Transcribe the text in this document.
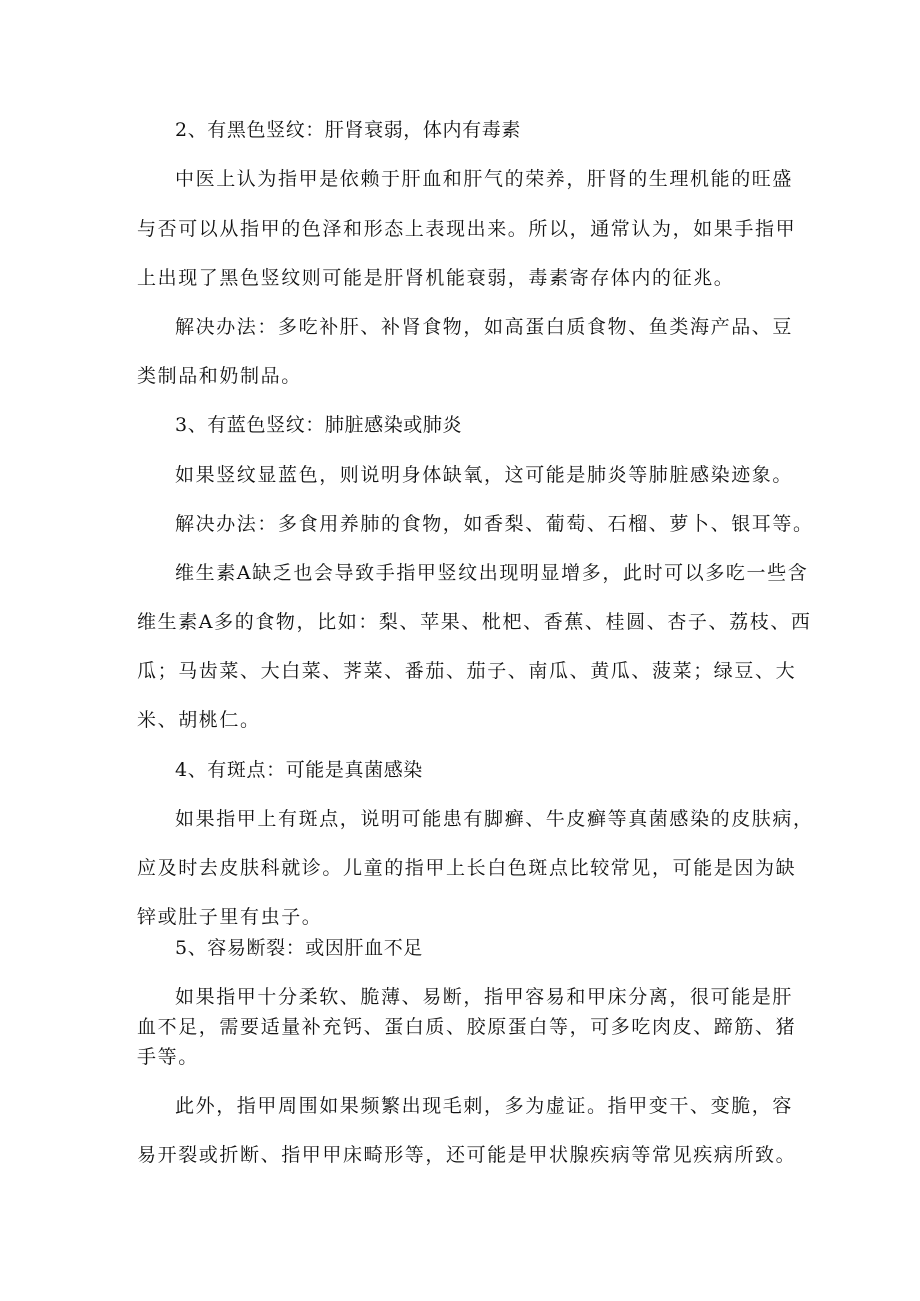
2、有黑色竖纹：肝肾衰弱，体内有毒素
中医上认为指甲是依赖于肝血和肝气的荣养，肝肾的生理机能的旺盛
与否可以从指甲的色泽和形态上表现出来。所以，通常认为，如果手指甲
上出现了黑色竖纹则可能是肝肾机能衰弱，毒素寄存体内的征兆。
解决办法：多吃补肝、补肾食物，如高蛋白质食物、鱼类海产品、豆
类制品和奶制品。
3、有蓝色竖纹：肺脏感染或肺炎
如果竖纹显蓝色，则说明身体缺氧，这可能是肺炎等肺脏感染迹象。
解决办法：多食用养肺的食物，如香梨、葡萄、石榴、萝卜、银耳等。
维生素A缺乏也会导致手指甲竖纹出现明显增多，此时可以多吃一些含
维生素A多的食物，比如：梨、苹果、枇杷、香蕉、桂圆、杏子、荔枝、西
瓜；马齿菜、大白菜、荠菜、番茄、茄子、南瓜、黄瓜、菠菜；绿豆、大
米、胡桃仁。
4、有斑点：可能是真菌感染
如果指甲上有斑点，说明可能患有脚癣、牛皮癣等真菌感染的皮肤病，
应及时去皮肤科就诊。儿童的指甲上长白色斑点比较常见，可能是因为缺
锌或肚子里有虫子。
5、容易断裂：或因肝血不足
如果指甲十分柔软、脆薄、易断，指甲容易和甲床分离，很可能是肝
血不足，需要适量补充钙、蛋白质、胶原蛋白等，可多吃肉皮、蹄筋、猪
手等。
此外，指甲周围如果频繁出现毛刺，多为虚证。指甲变干、变脆，容
易开裂或折断、指甲甲床畸形等，还可能是甲状腺疾病等常见疾病所致。
